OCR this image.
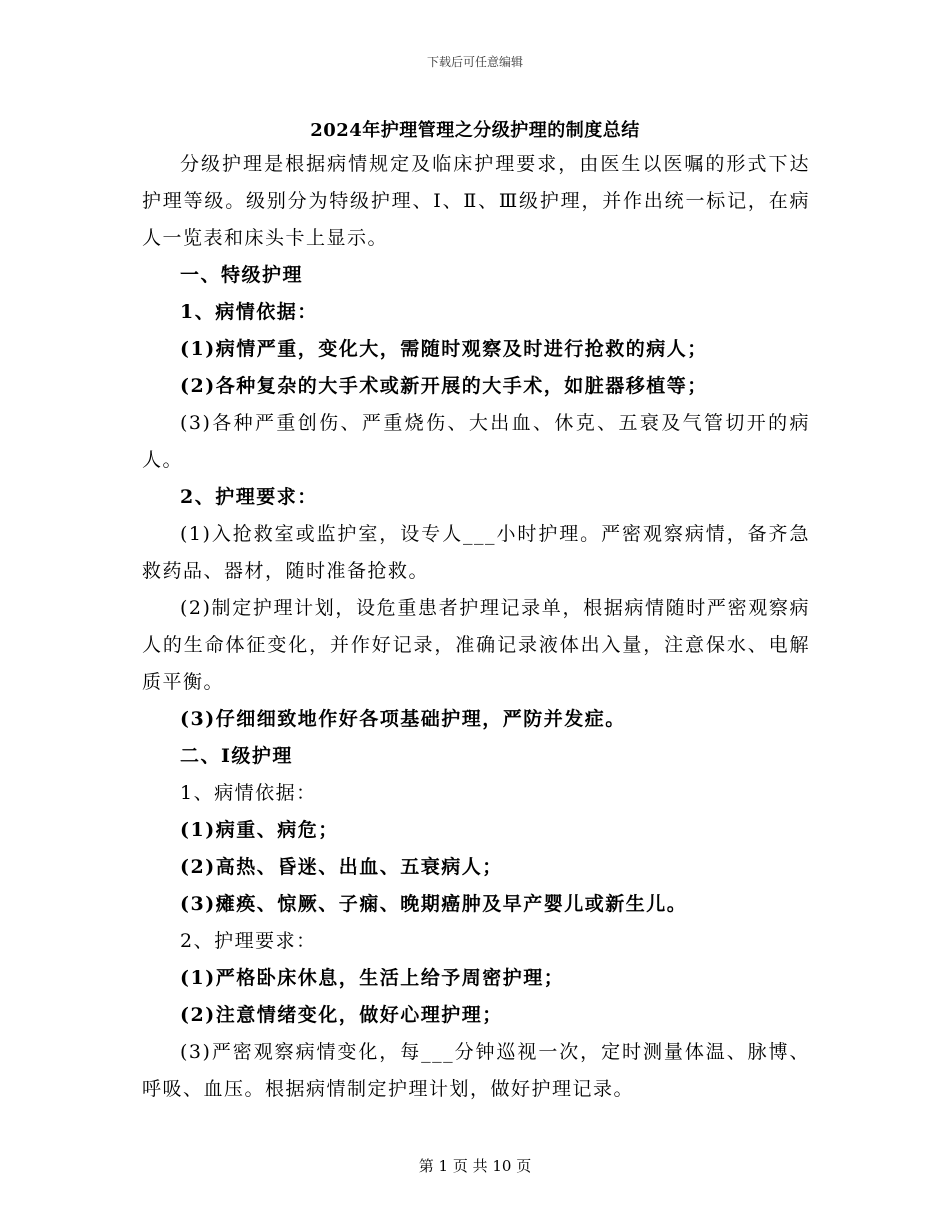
下载后可任意编辑
2024年护理管理之分级护理的制度总结

分级护理是根据病情规定及临床护理要求，由医生以医嘱的形式下达护理等级。级别分为特级护理、Ⅰ、Ⅱ、Ⅲ级护理，并作出统一标记，在病人一览表和床头卡上显示。

一、特级护理

1、病情依据：

(1)病情严重，变化大，需随时观察及时进行抢救的病人；

(2)各种复杂的大手术或新开展的大手术，如脏器移植等；

(3)各种严重创伤、严重烧伤、大出血、休克、五衰及气管切开的病人。

2、护理要求：

(1)入抢救室或监护室，设专人___小时护理。严密观察病情，备齐急救药品、器材，随时准备抢救。

(2)制定护理计划，设危重患者护理记录单，根据病情随时严密观察病人的生命体征变化，并作好记录，准确记录液体出入量，注意保水、电解质平衡。

(3)仔细细致地作好各项基础护理，严防并发症。

二、Ⅰ级护理

1、病情依据：

(1)病重、病危；

(2)高热、昏迷、出血、五衰病人；

(3)瘫痪、惊厥、子痫、晚期癌肿及早产婴儿或新生儿。

2、护理要求：

(1)严格卧床休息，生活上给予周密护理；

(2)注意情绪变化，做好心理护理；

(3)严密观察病情变化，每___分钟巡视一次，定时测量体温、脉博、呼吸、血压。根据病情制定护理计划，做好护理记录。

第 1 页 共 10 页
